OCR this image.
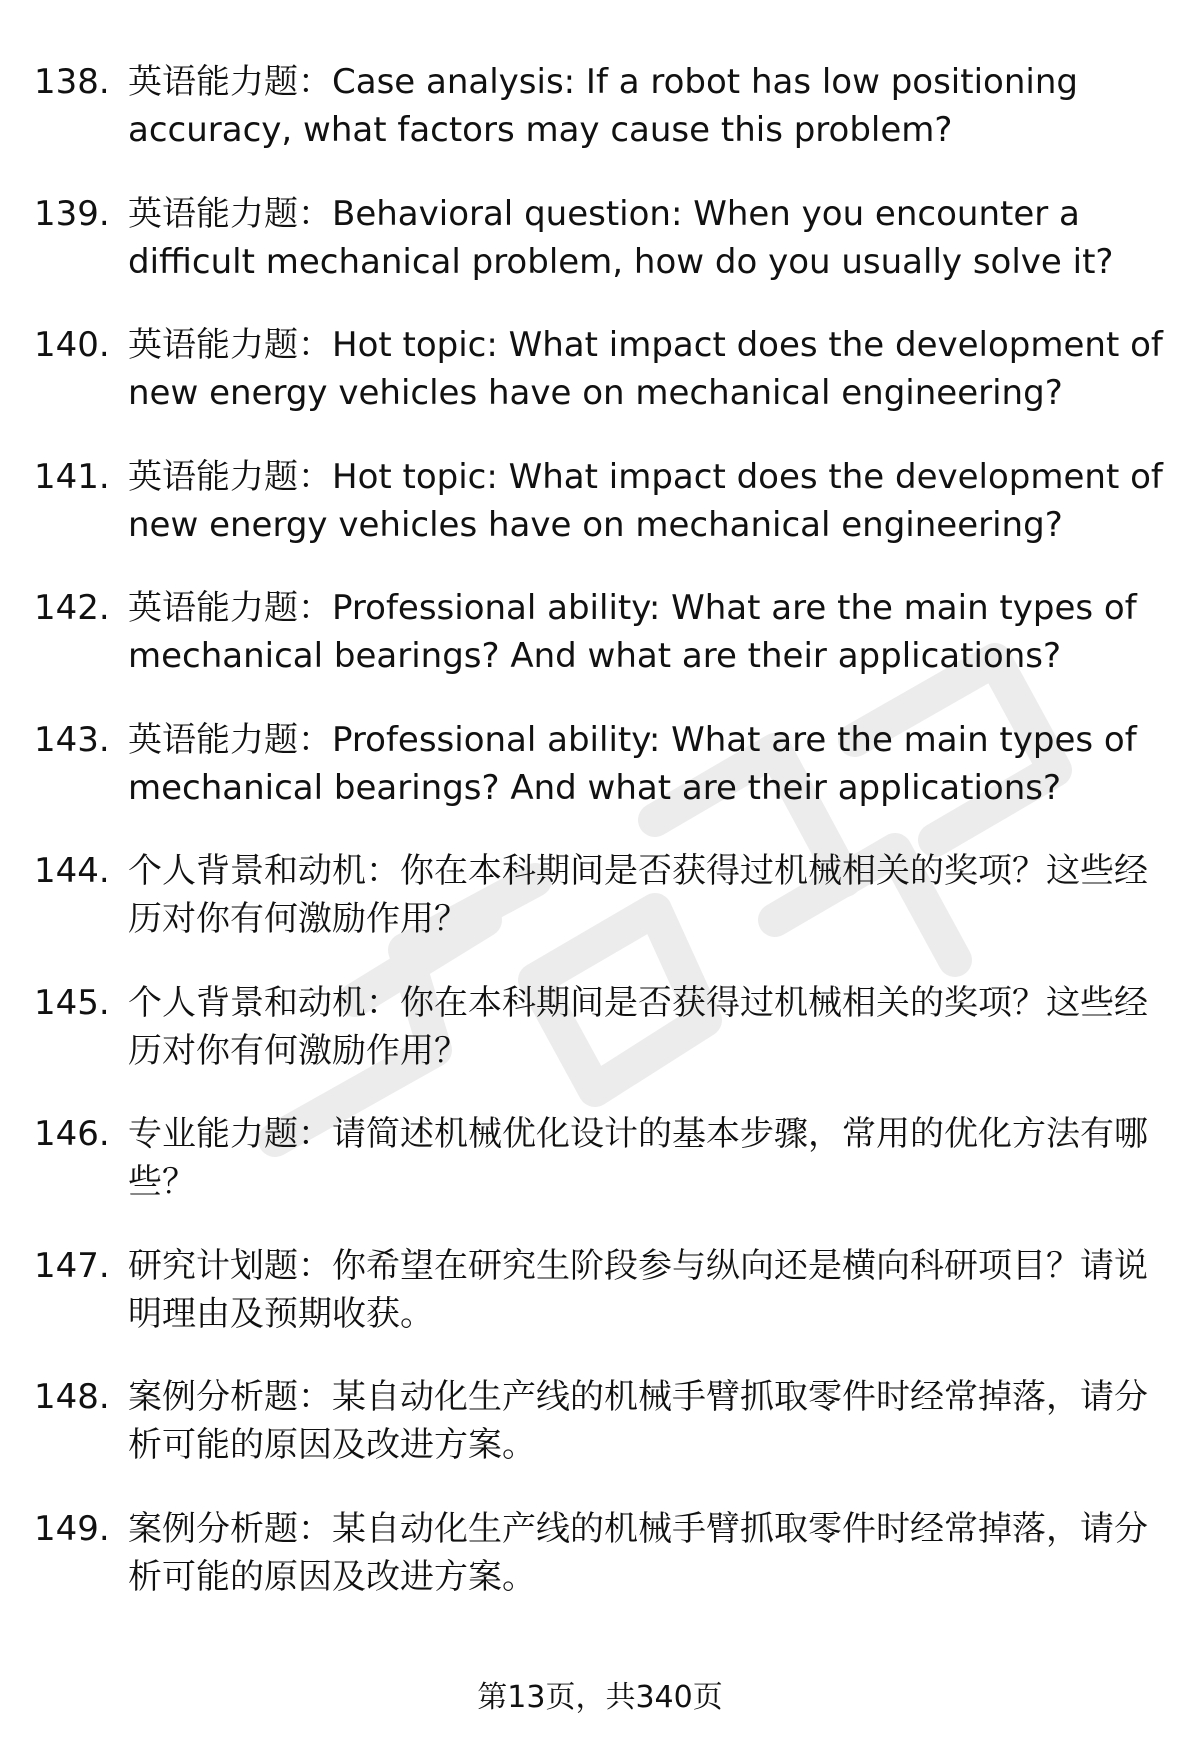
138. 英语能力题：Case analysis: If a robot has low positioning accuracy, what factors may cause this problem?
139. 英语能力题：Behavioral question: When you encounter a difficult mechanical problem, how do you usually solve it?
140. 英语能力题：Hot topic: What impact does the development of new energy vehicles have on mechanical engineering?
141. 英语能力题：Hot topic: What impact does the development of new energy vehicles have on mechanical engineering?
142. 英语能力题：Professional ability: What are the main types of mechanical bearings? And what are their applications?
143. 英语能力题：Professional ability: What are the main types of mechanical bearings? And what are their applications?
144. 个人背景和动机：你在本科期间是否获得过机械相关的奖项？这些经历对你有何激励作用？
145. 个人背景和动机：你在本科期间是否获得过机械相关的奖项？这些经历对你有何激励作用？
146. 专业能力题：请简述机械优化设计的基本步骤，常用的优化方法有哪些？
147. 研究计划题：你希望在研究生阶段参与纵向还是横向科研项目？请说明理由及预期收获。
148. 案例分析题：某自动化生产线的机械手臂抓取零件时经常掉落，请分析可能的原因及改进方案。
149. 案例分析题：某自动化生产线的机械手臂抓取零件时经常掉落，请分析可能的原因及改进方案。
第13页，共340页
